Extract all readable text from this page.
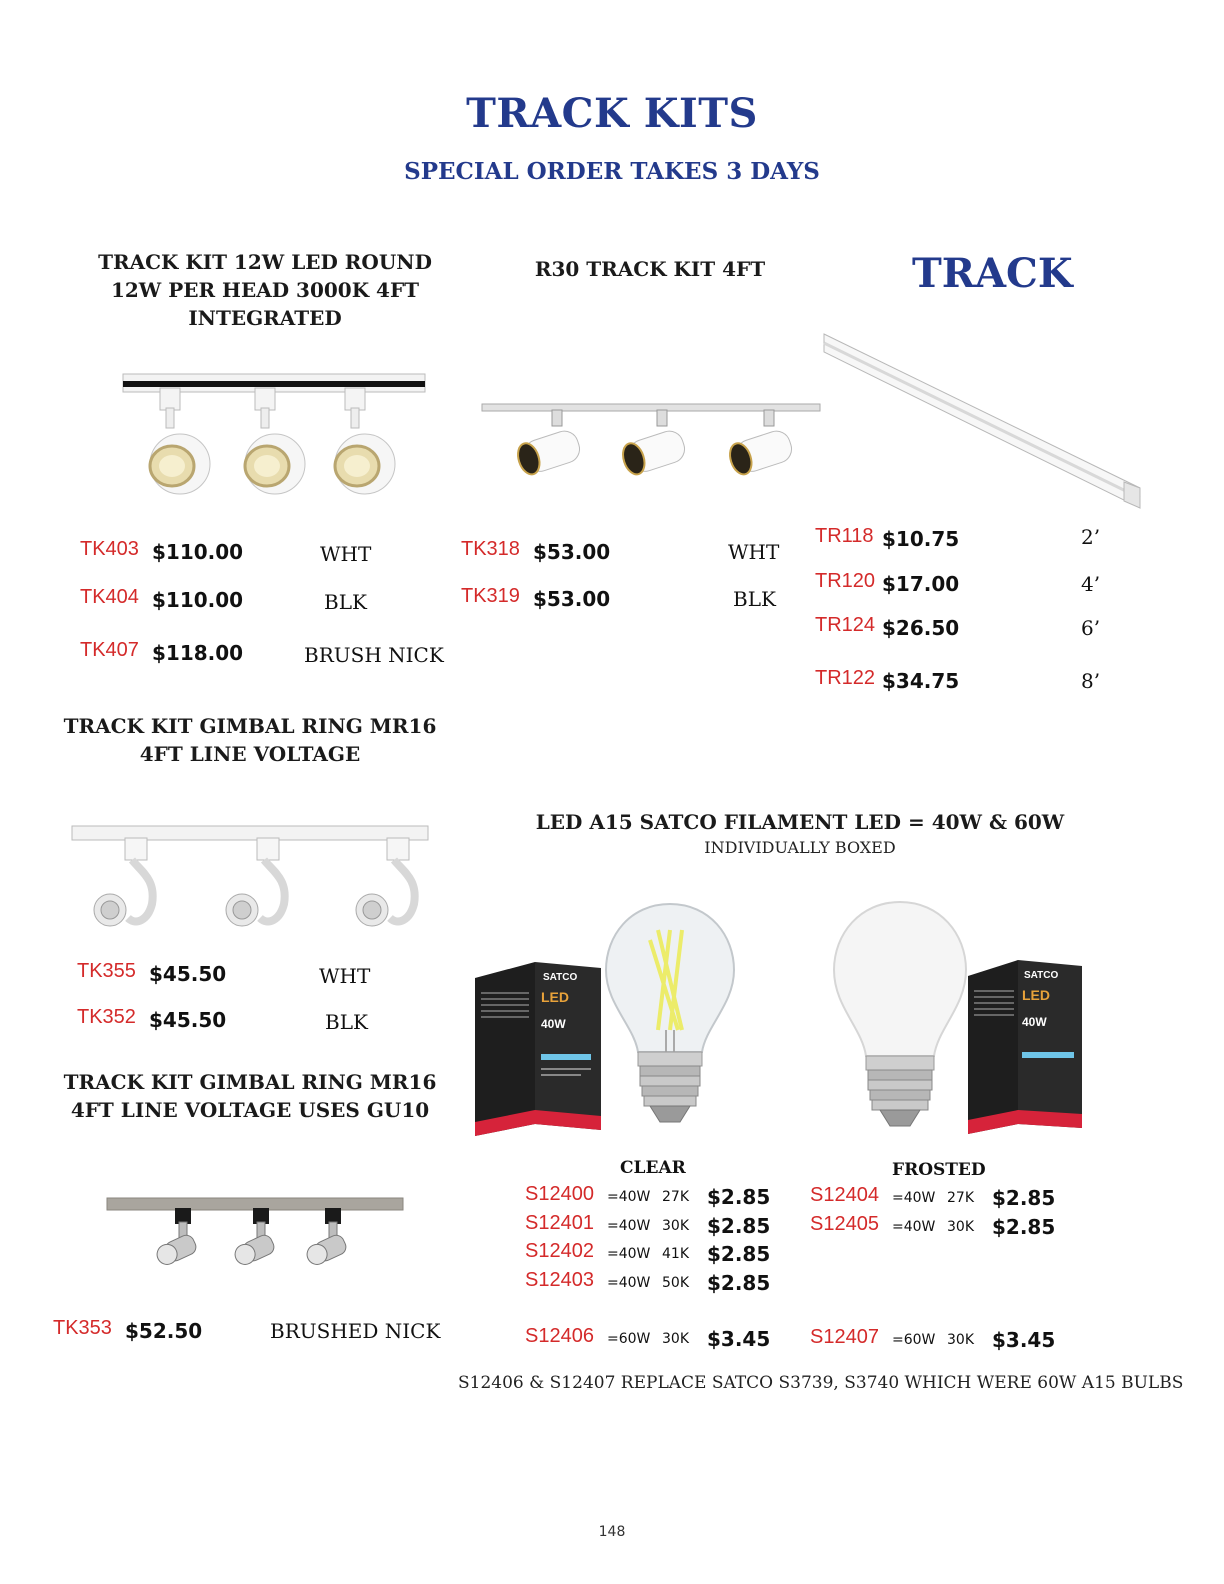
TRACK KITS
SPECIAL ORDER TAKES 3 DAYS
TRACK KIT 12W LED ROUND
12W PER HEAD 3000K 4FT
INTEGRATED
TK403 $110.00	WHT
TK404 $110.00	BLK
TK407 $118.00	BRUSH NICK
R30 TRACK KIT 4FT
TK318 $53.00	WHT
TK319 $53.00	BLK
TRACK
TR118 $10.75	2’
TR120 $17.00	4’
TR124 $26.50	6’
TR122 $34.75	8’
TRACK KIT GIMBAL RING MR16
4FT LINE VOLTAGE
TK355 $45.50	WHT
TK352 $45.50	BLK
TRACK KIT GIMBAL RING MR16
4FT LINE VOLTAGE USES GU10
TK353 $52.50	BRUSHED NICK
LED A15 SATCO FILAMENT LED = 40W & 60W
INDIVIDUALLY BOXED
SATCO
LED
40W
SATCO
LED
40W
CLEAR
S12400 =40W 27K $2.85
S12401 =40W 30K $2.85
S12402 =40W 41K $2.85
S12403 =40W 50K $2.85
S12406 =60W 30K $3.45
FROSTED
S12404 =40W 27K $2.85
S12405 =40W 30K $2.85
S12407 =60W 30K $3.45
S12406 & S12407 REPLACE SATCO S3739, S3740 WHICH WERE 60W A15 BULBS
148
